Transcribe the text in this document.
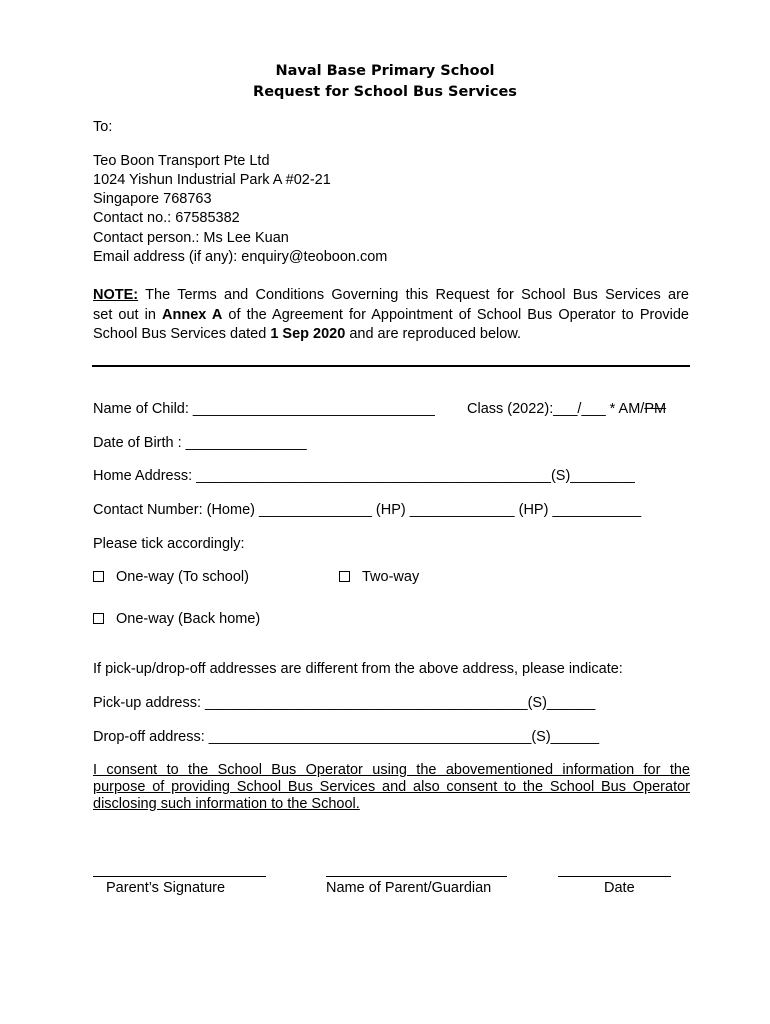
Naval Base Primary School
Request for School Bus Services
To:
Teo Boon Transport Pte Ltd
1024 Yishun Industrial Park A #02-21
Singapore 768763
Contact no.: 67585382
Contact person.: Ms Lee Kuan
Email address (if any): enquiry@teoboon.com
NOTE: The Terms and Conditions Governing this Request for School Bus Services are
set out in Annex A of the Agreement for Appointment of School Bus Operator to Provide
School Bus Services dated 1 Sep 2020 and are reproduced below.
Name of Child: ______________________________ Class (2022):___/___ * AM/PM
Date of Birth : _______________
Home Address: ____________________________________________(S)________
Contact Number: (Home) ______________ (HP) _____________ (HP) ___________
Please tick accordingly:
One-way (To school)	Two-way
One-way (Back home)
If pick-up/drop-off addresses are different from the above address, please indicate:
Pick-up address: ________________________________________(S)______
Drop-off address: ________________________________________(S)______
I consent to the School Bus Operator using the abovementioned information for the
purpose of providing School Bus Services and also consent to the School Bus Operator
disclosing such information to the School.
Parent’s Signature	Name of Parent/Guardian	Date
